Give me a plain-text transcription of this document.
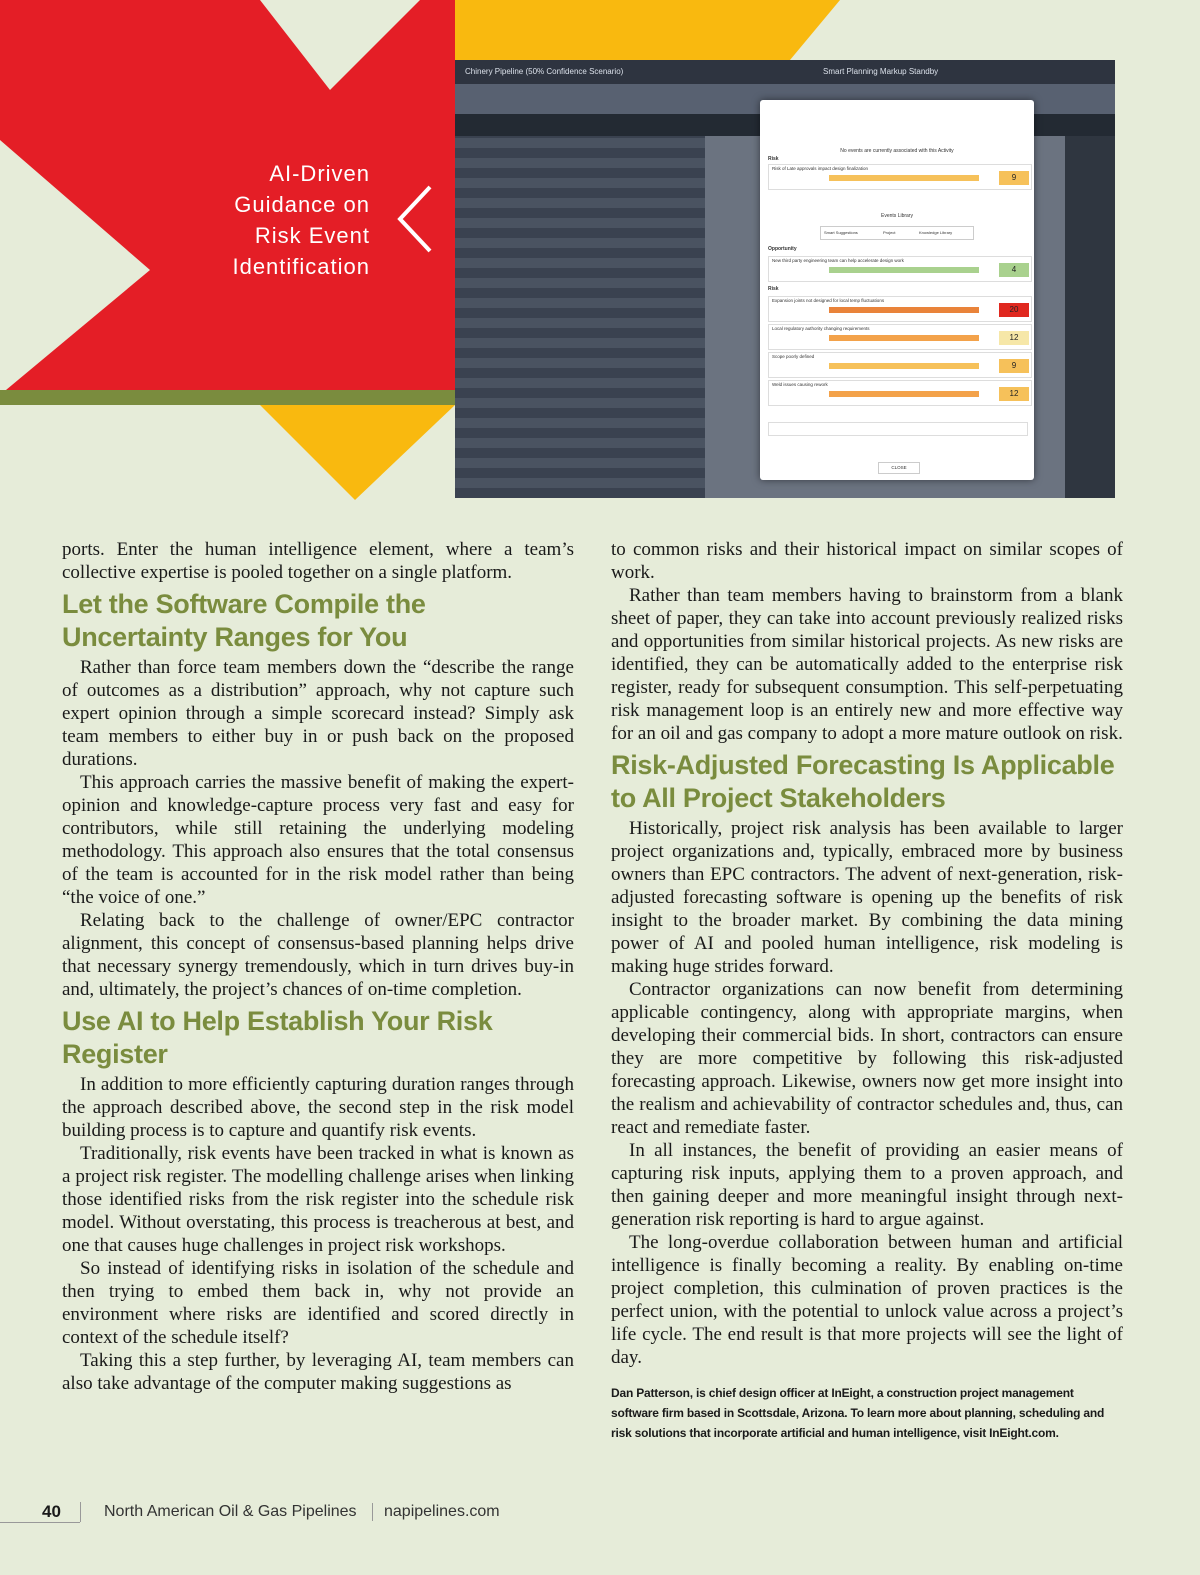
AI-Driven
Guidance on
Risk Event
Identification
Chinery Pipeline (50% Confidence Scenario)	Smart Planning Markup Standby
No events are currently associated with this Activity
Risk
Risk of Late approvals impact design finalization
9
Events Library
Smart Suggestions	Project	Knowledge Library
Opportunity
New third party engineering team can help accelerate design work
4
Risk
Expansion joints not designed for local temp fluctuations
20
Local regulatory authority changing requirements
12
Scope poorly defined
9
Weld issues causing rework
12
CLOSE

ports. Enter the human intelligence element, where a team’s collective expertise is pooled together on a single platform.

Let the Software Compile the Uncertainty Ranges for You

Rather than force team members down the “describe the range of outcomes as a distribution” approach, why not capture such expert opinion through a simple scorecard instead? Simply ask team members to either buy in or push back on the proposed durations.

This approach carries the massive benefit of making the expert-opinion and knowledge-capture process very fast and easy for contributors, while still retaining the underlying modeling methodology. This approach also ensures that the total consensus of the team is accounted for in the risk model rather than being “the voice of one.”

Relating back to the challenge of owner/EPC contractor alignment, this concept of consensus-based planning helps drive that necessary synergy tremendously, which in turn drives buy-in and, ultimately, the project’s chances of on-time completion.

Use AI to Help Establish Your Risk Register

In addition to more efficiently capturing duration ranges through the approach described above, the second step in the risk model building process is to capture and quantify risk events.

Traditionally, risk events have been tracked in what is known as a project risk register. The modelling challenge arises when linking those identified risks from the risk register into the schedule risk model. Without overstating, this process is treacherous at best, and one that causes huge challenges in project risk workshops.

So instead of identifying risks in isolation of the schedule and then trying to embed them back in, why not provide an environment where risks are identified and scored directly in context of the schedule itself?

Taking this a step further, by leveraging AI, team members can also take advantage of the computer making suggestions as

to common risks and their historical impact on similar scopes of work.

Rather than team members having to brainstorm from a blank sheet of paper, they can take into account previously realized risks and opportunities from similar historical projects. As new risks are identified, they can be automatically added to the enterprise risk register, ready for subsequent consumption. This self-perpetuating risk management loop is an entirely new and more effective way for an oil and gas company to adopt a more mature outlook on risk.

Risk-Adjusted Forecasting Is Applicable to All Project Stakeholders

Historically, project risk analysis has been available to larger project organizations and, typically, embraced more by business owners than EPC contractors. The advent of next-generation, risk-adjusted forecasting software is opening up the benefits of risk insight to the broader market. By combining the data mining power of AI and pooled human intelligence, risk modeling is making huge strides forward.

Contractor organizations can now benefit from determining applicable contingency, along with appropriate margins, when developing their commercial bids. In short, contractors can ensure they are more competitive by following this risk-adjusted forecasting approach. Likewise, owners now get more insight into the realism and achievability of contractor schedules and, thus, can react and remediate faster.

In all instances, the benefit of providing an easier means of capturing risk inputs, applying them to a proven approach, and then gaining deeper and more meaningful insight through next-generation risk reporting is hard to argue against.

The long-overdue collaboration between human and artificial intelligence is finally becoming a reality. By enabling on-time project completion, this culmination of proven practices is the perfect union, with the potential to unlock value across a project’s life cycle. The end result is that more projects will see the light of day.

Dan Patterson, is chief design officer at InEight, a construction project management software firm based in Scottsdale, Arizona. To learn more about planning, scheduling and risk solutions that incorporate artificial and human intelligence, visit InEight.com.

40	North American Oil & Gas Pipelines napipelines.com
